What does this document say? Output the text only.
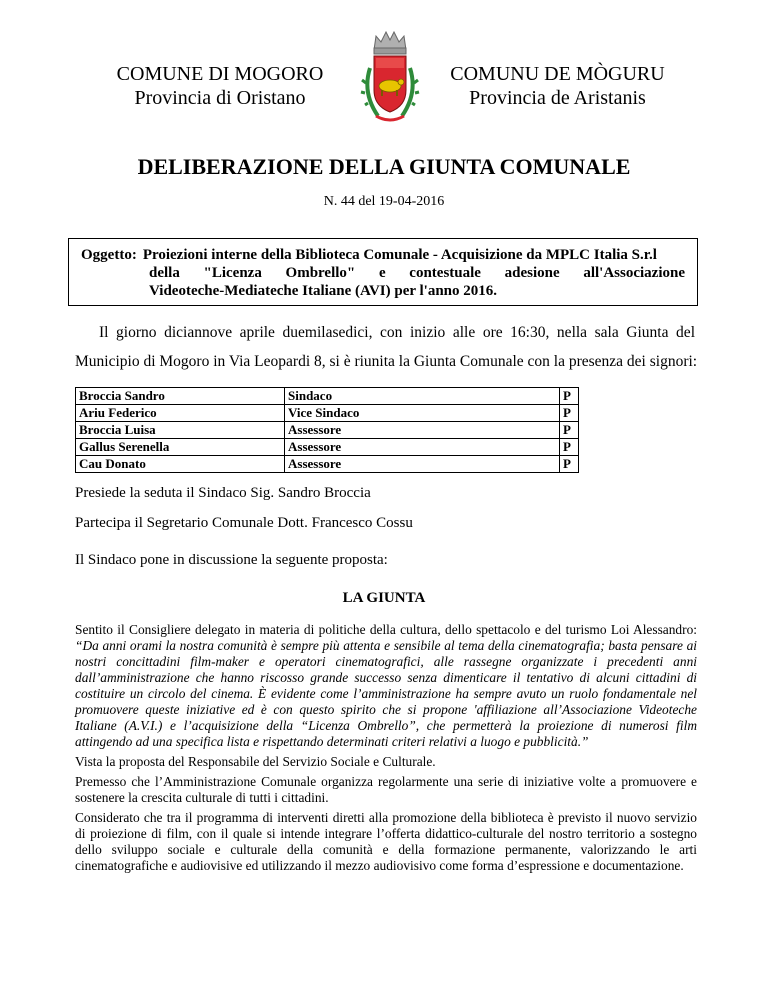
COMUNE DI MOGORO
Provincia di Oristano
COMUNU DE MÒGURU
Provincia de Aristanis
DELIBERAZIONE DELLA GIUNTA COMUNALE
N. 44 del 19-04-2016
Oggetto: Proiezioni interne della Biblioteca Comunale - Acquisizione da MPLC Italia S.r.l
della "Licenza Ombrello" e contestuale adesione all'Associazione
Videoteche-Mediateche Italiane (AVI) per l'anno 2016.
Il giorno diciannove aprile duemilasedici, con inizio alle ore 16:30, nella sala Giunta del
Municipio di Mogoro in Via Leopardi 8, si è riunita la Giunta Comunale con la presenza dei signori:
Broccia Sandro	Sindaco	P
Ariu Federico	Vice Sindaco	P
Broccia Luisa	Assessore	P
Gallus Serenella	Assessore	P
Cau Donato	Assessore	P
Presiede la seduta il Sindaco Sig. Sandro Broccia
Partecipa il Segretario Comunale Dott. Francesco Cossu
Il Sindaco pone in discussione la seguente proposta:
LA GIUNTA

Sentito il Consigliere delegato in materia di politiche della cultura, dello spettacolo e del turismo Loi Alessandro: “Da anni orami la nostra comunità è sempre più attenta e sensibile al tema della cinematografia; basta pensare ai nostri concittadini film-maker e operatori cinematografici, alle rassegne organizzate i precedenti anni dall’amministrazione che hanno riscosso grande successo senza dimenticare il tentativo di alcuni cittadini di costituire un circolo del cinema. È evidente come l’amministrazione ha sempre avuto un ruolo fondamentale nel promuovere queste iniziative ed è con questo spirito che si propone 'affiliazione all’Associazione Videoteche Italiane (A.V.I.) e l’acquisizione della “Licenza Ombrello”, che permetterà la proiezione di numerosi film attingendo ad una specifica lista e rispettando determinati criteri relativi a luogo e pubblicità.”

Vista la proposta del Responsabile del Servizio Sociale e Culturale.

Premesso che l’Amministrazione Comunale organizza regolarmente una serie di iniziative volte a promuovere e sostenere la crescita culturale di tutti i cittadini.

Considerato che tra il programma di interventi diretti alla promozione della biblioteca è previsto il nuovo servizio di proiezione di film, con il quale si intende integrare l’offerta didattico-culturale del nostro territorio a sostegno dello sviluppo sociale e culturale della comunità e della formazione permanente, valorizzando le arti cinematografiche e audiovisive ed utilizzando il mezzo audiovisivo come forma d’espressione e documentazione.
